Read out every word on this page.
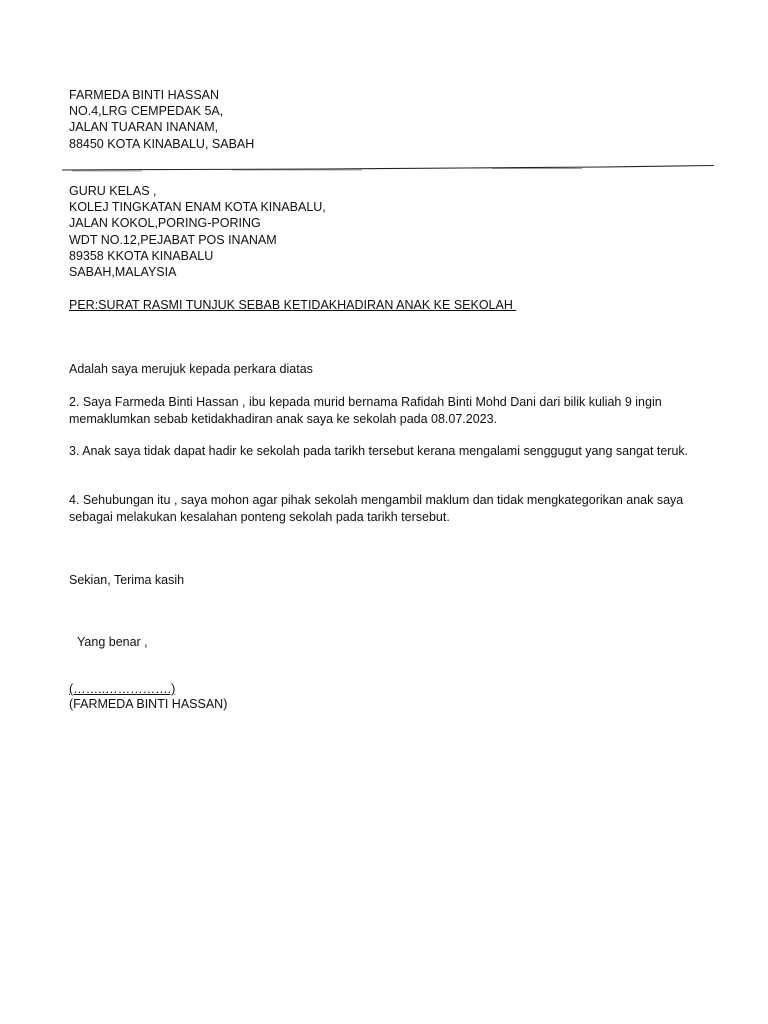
FARMEDA BINTI HASSAN
NO.4,LRG CEMPEDAK 5A,
JALAN TUARAN INANAM,
88450 KOTA KINABALU, SABAH
GURU KELAS ,
KOLEJ TINGKATAN ENAM KOTA KINABALU,
JALAN KOKOL,PORING-PORING
WDT NO.12,PEJABAT POS INANAM
89358 KKOTA KINABALU
SABAH,MALAYSIA
PER:SURAT RASMI TUNJUK SEBAB KETIDAKHADIRAN ANAK KE SEKOLAH
Adalah saya merujuk kepada perkara diatas
2. Saya Farmeda Binti Hassan , ibu kepada murid bernama Rafidah Binti Mohd Dani dari bilik kuliah 9 ingin memaklumkan sebab ketidakhadiran anak saya ke sekolah pada 08.07.2023.
3. Anak saya tidak dapat hadir ke sekolah pada tarikh tersebut kerana mengalami senggugut yang sangat teruk.
4. Sehubungan itu , saya mohon agar pihak sekolah mengambil maklum dan tidak mengkategorikan anak saya sebagai melakukan kesalahan ponteng sekolah pada tarikh tersebut.
Sekian, Terima kasih
Yang benar ,
(……..…………….)
(FARMEDA BINTI HASSAN)
